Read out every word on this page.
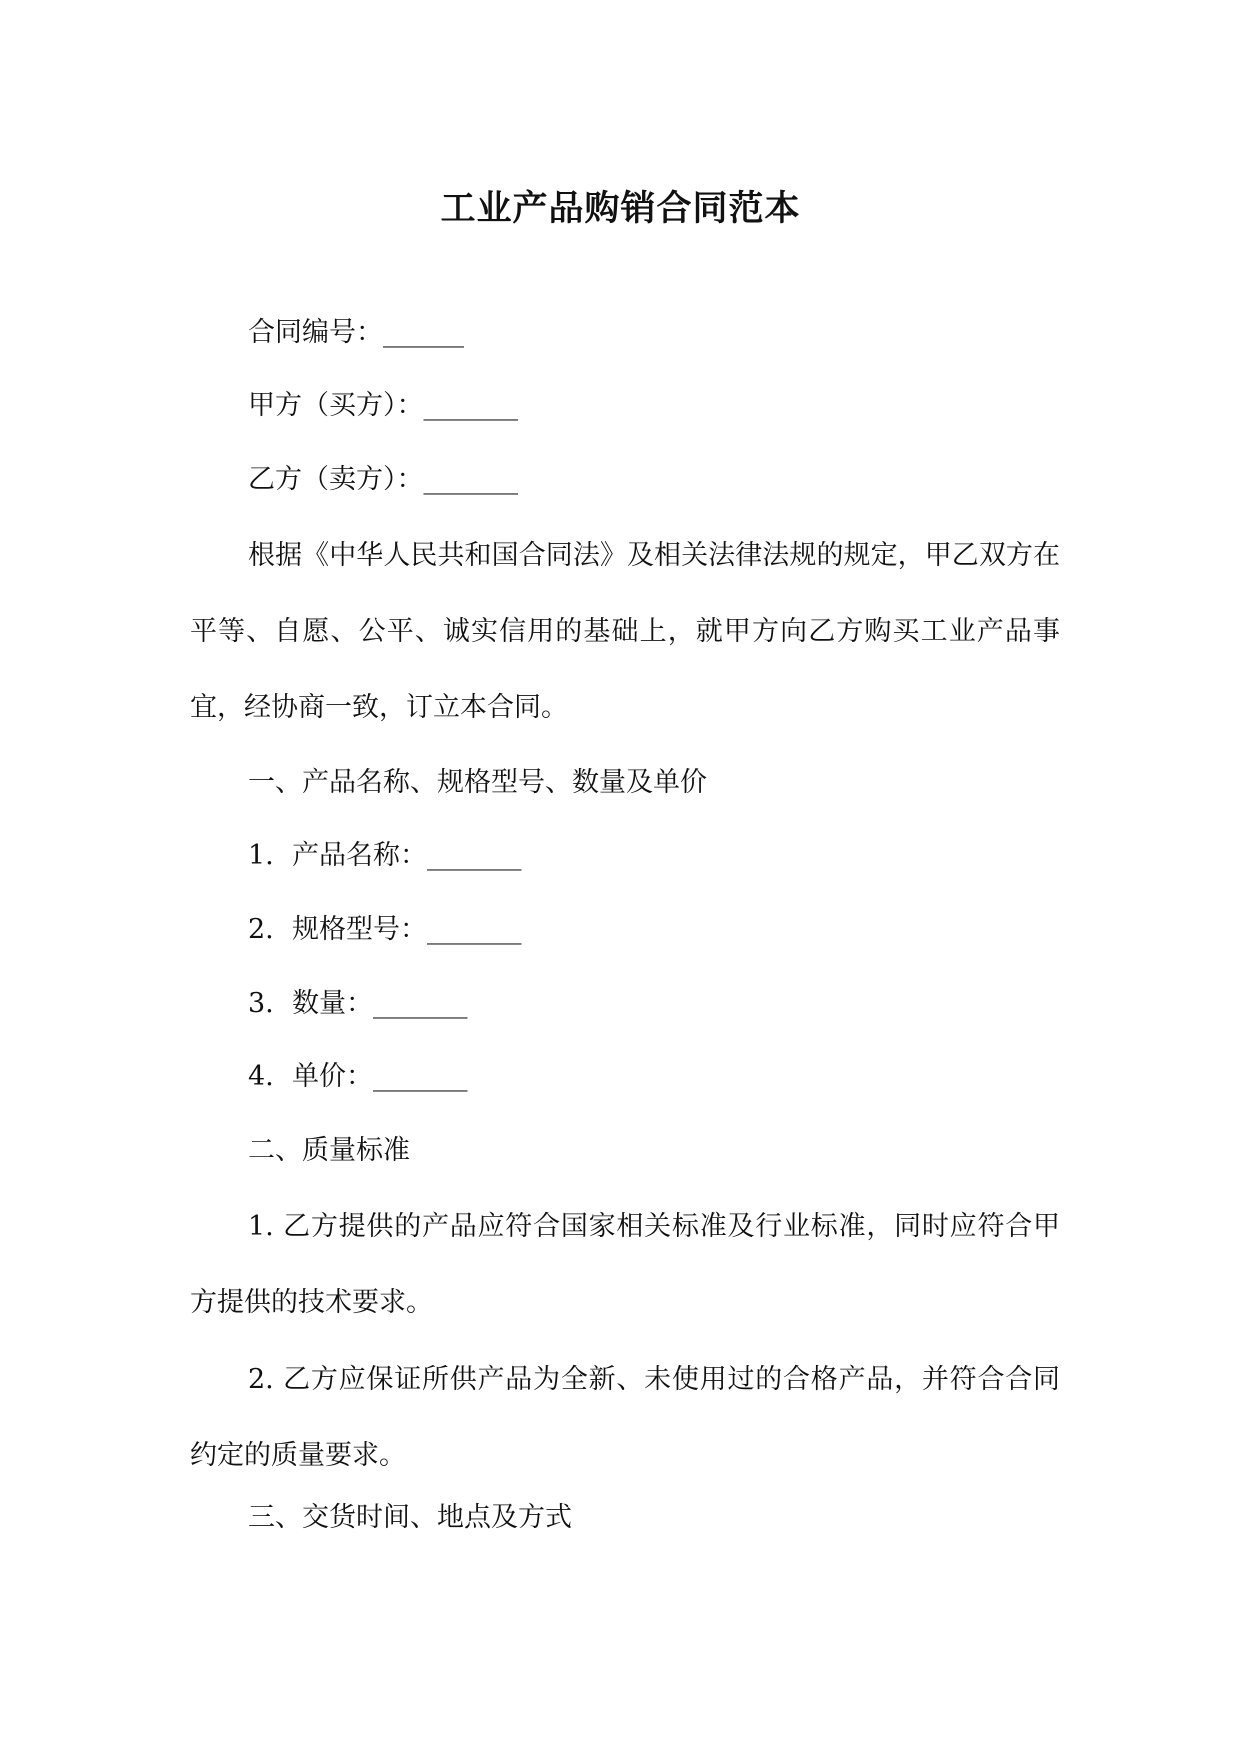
工业产品购销合同范本
合同编号：______
甲方（买方）：_______
乙方（卖方）：_______

根据《中华人民共和国合同法》及相关法律法规的规定，甲乙双方在平等、自愿、公平、诚实信用的基础上，就甲方向乙方购买工业产品事宜，经协商一致，订立本合同。

一、产品名称、规格型号、数量及单价
1. 产品名称：_______
2. 规格型号：_______
3. 数量：_______
4. 单价：_______
二、质量标准

1. 乙方提供的产品应符合国家相关标准及行业标准，同时应符合甲方提供的技术要求。

2. 乙方应保证所供产品为全新、未使用过的合格产品，并符合合同约定的质量要求。

三、交货时间、地点及方式
